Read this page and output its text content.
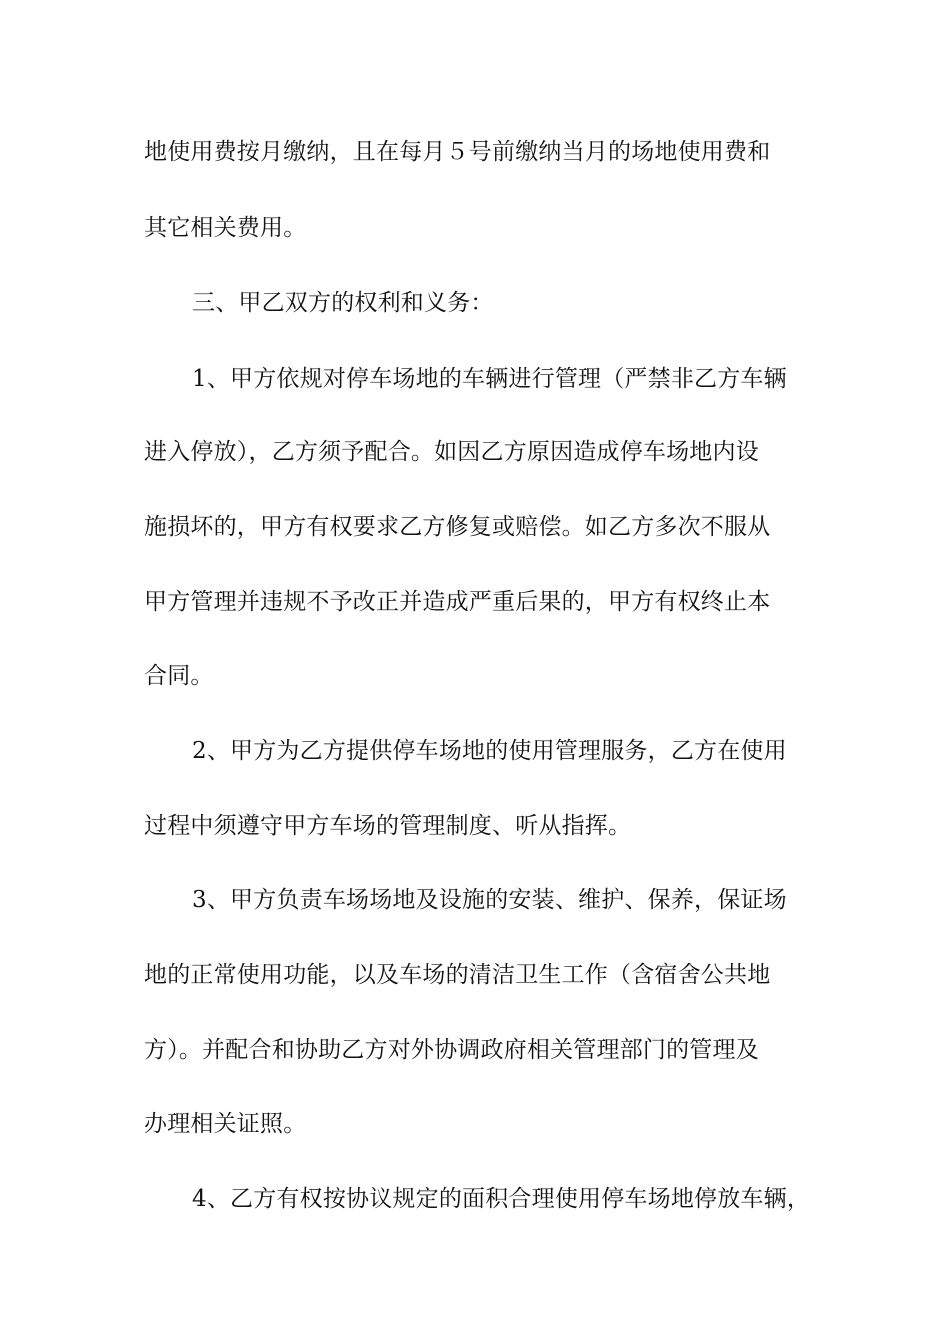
地使用费按月缴纳，且在每月５号前缴纳当月的场地使用费和
其它相关费用。
三、甲乙双方的权利和义务：
1、甲方依规对停车场地的车辆进行管理（严禁非乙方车辆
进入停放），乙方须予配合。如因乙方原因造成停车场地内设
施损坏的，甲方有权要求乙方修复或赔偿。如乙方多次不服从
甲方管理并违规不予改正并造成严重后果的，甲方有权终止本
合同。
2、甲方为乙方提供停车场地的使用管理服务，乙方在使用
过程中须遵守甲方车场的管理制度、听从指挥。
3、甲方负责车场场地及设施的安装、维护、保养，保证场
地的正常使用功能，以及车场的清洁卫生工作（含宿舍公共地
方）。并配合和协助乙方对外协调政府相关管理部门的管理及
办理相关证照。
4、乙方有权按协议规定的面积合理使用停车场地停放车辆，
